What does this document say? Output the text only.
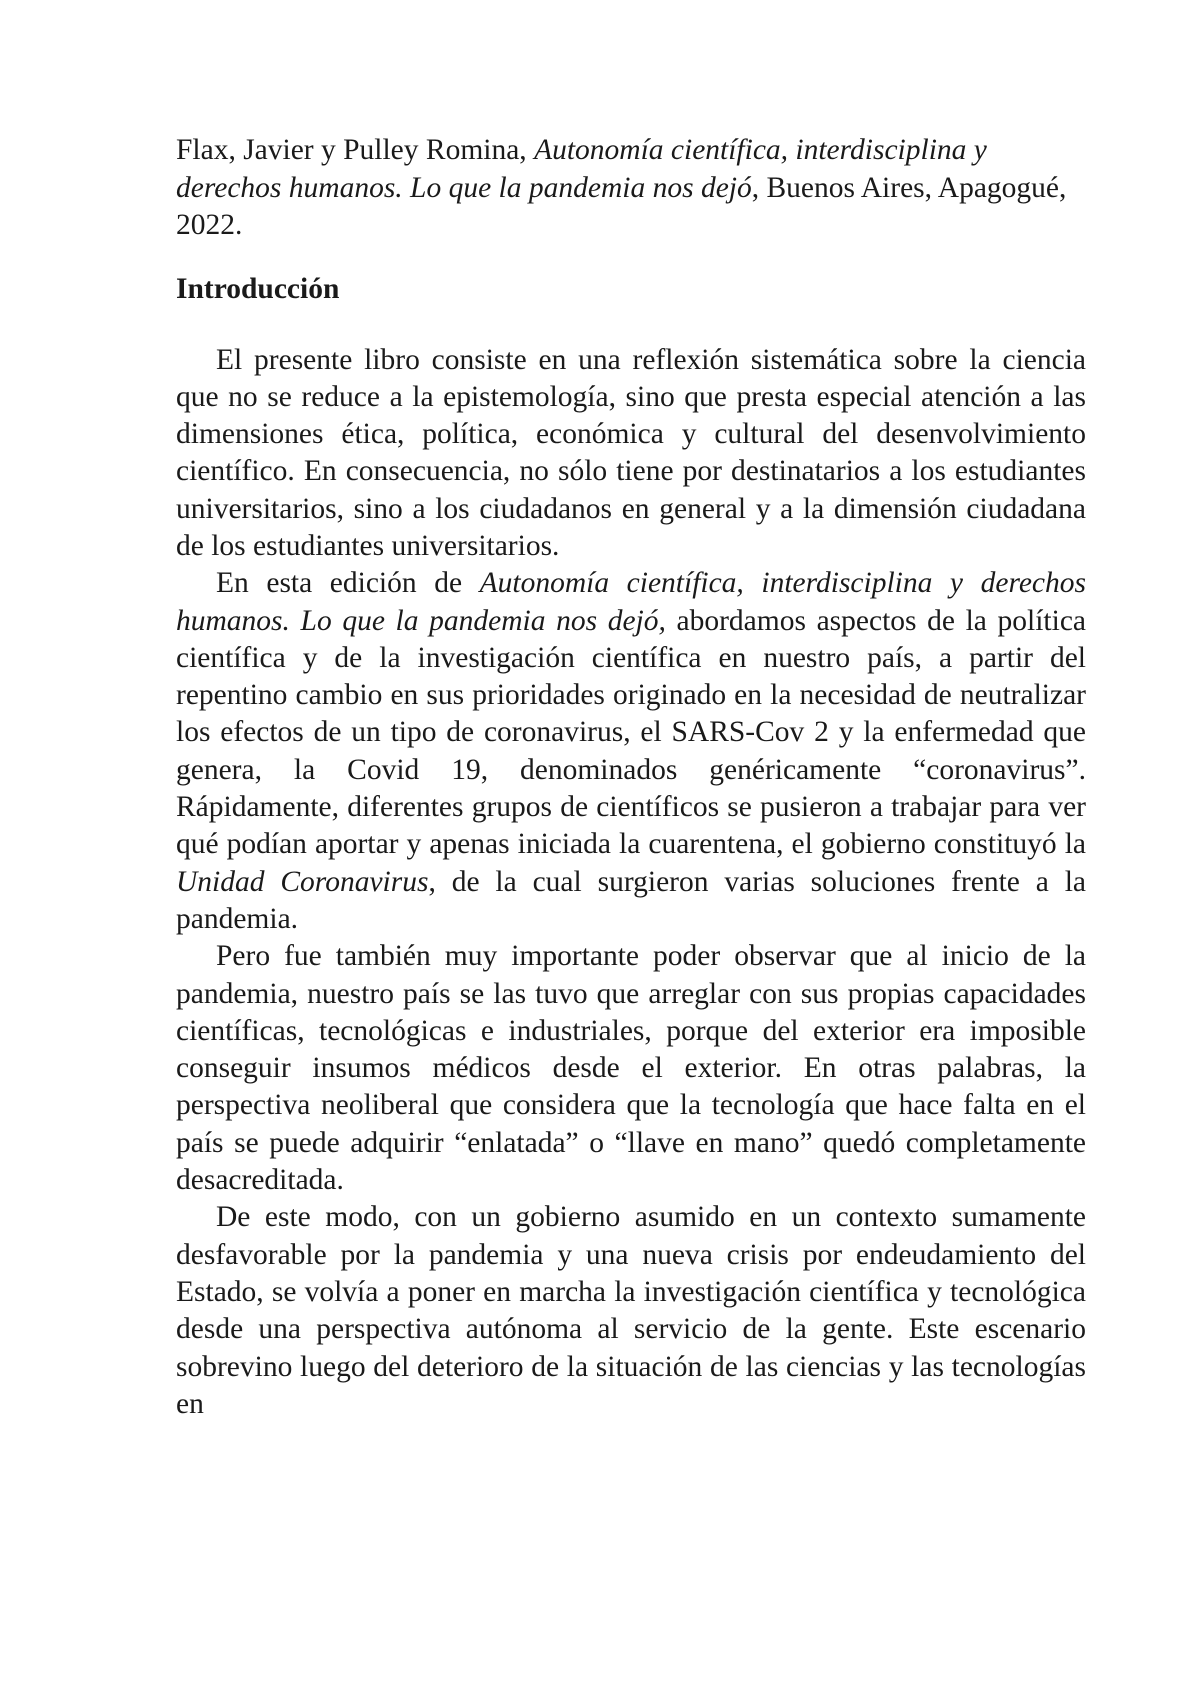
Flax, Javier y Pulley Romina, Autonomía científica, interdisciplina y derechos humanos. Lo que la pandemia nos dejó, Buenos Aires, Apagogué, 2022.

Introducción

El presente libro consiste en una reflexión sistemática sobre la ciencia que no se reduce a la epistemología, sino que presta especial atención a las dimensiones ética, política, económica y cultural del desenvolvimiento científico. En consecuencia, no sólo tiene por destinatarios a los estudiantes universitarios, sino a los ciudadanos en general y a la dimensión ciudadana de los estudiantes universitarios.

En esta edición de Autonomía científica, interdisciplina y derechos humanos. Lo que la pandemia nos dejó, abordamos aspectos de la política científica y de la investigación científica en nuestro país, a partir del repentino cambio en sus prioridades originado en la necesidad de neutralizar los efectos de un tipo de coronavirus, el SARS-Cov 2 y la enfermedad que genera, la Covid 19, denominados genéricamente “coronavirus”. Rápidamente, diferentes grupos de científicos se pusieron a trabajar para ver qué podían aportar y apenas iniciada la cuarentena, el gobierno constituyó la Unidad Coronavirus, de la cual surgieron varias soluciones frente a la pandemia.

Pero fue también muy importante poder observar que al inicio de la pandemia, nuestro país se las tuvo que arreglar con sus propias capacidades científicas, tecnológicas e industriales, porque del exterior era imposible conseguir insumos médicos desde el exterior. En otras palabras, la perspectiva neoliberal que considera que la tecnología que hace falta en el país se puede adquirir “enlatada” o “llave en mano” quedó completamente desacreditada.

De este modo, con un gobierno asumido en un contexto sumamente desfavorable por la pandemia y una nueva crisis por endeudamiento del Estado, se volvía a poner en marcha la investigación científica y tecnológica desde una perspectiva autónoma al servicio de la gente. Este escenario sobrevino luego del deterioro de la situación de las ciencias y las tecnologías en
